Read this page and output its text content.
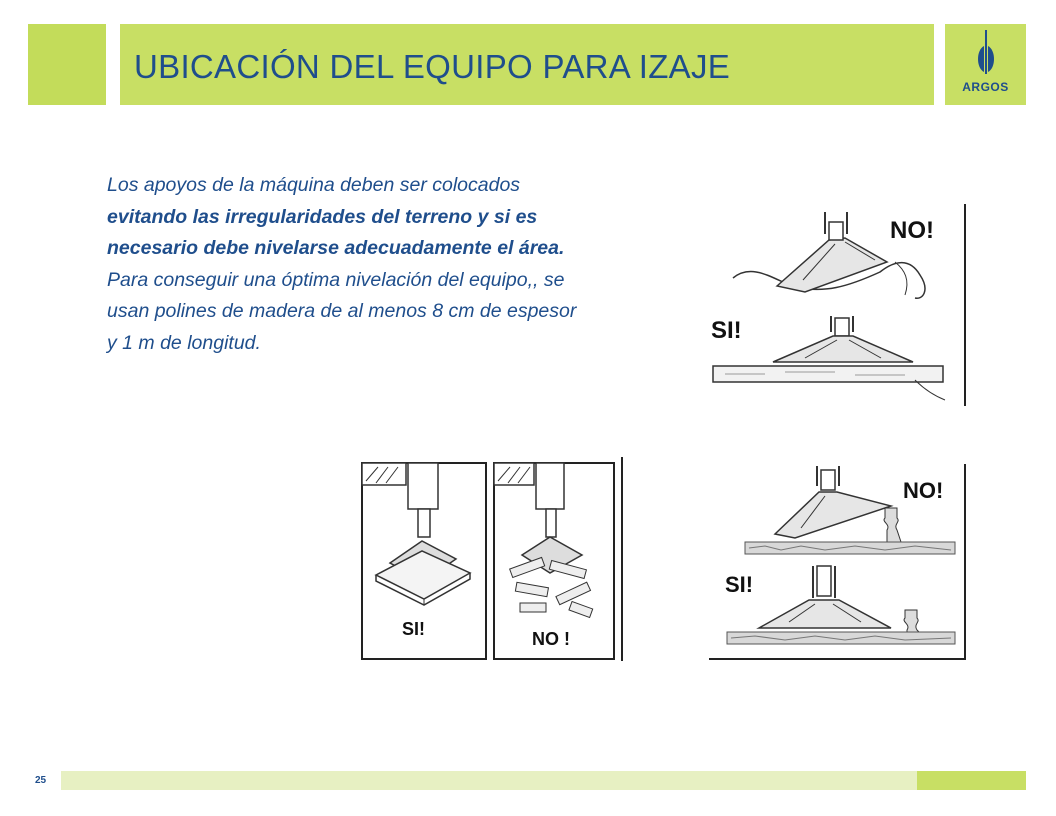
UBICACIÓN DEL EQUIPO PARA IZAJE
ARGOS
Los apoyos de la máquina deben ser colocados evitando las irregularidades del terreno y si es necesario debe nivelarse adecuadamente el área. Para conseguir una óptima nivelación del equipo,, se usan polines de madera de al menos 8 cm de espesor y 1 m de longitud.
NO!
SI!
SI!	NO !
NO!
SI!
25
